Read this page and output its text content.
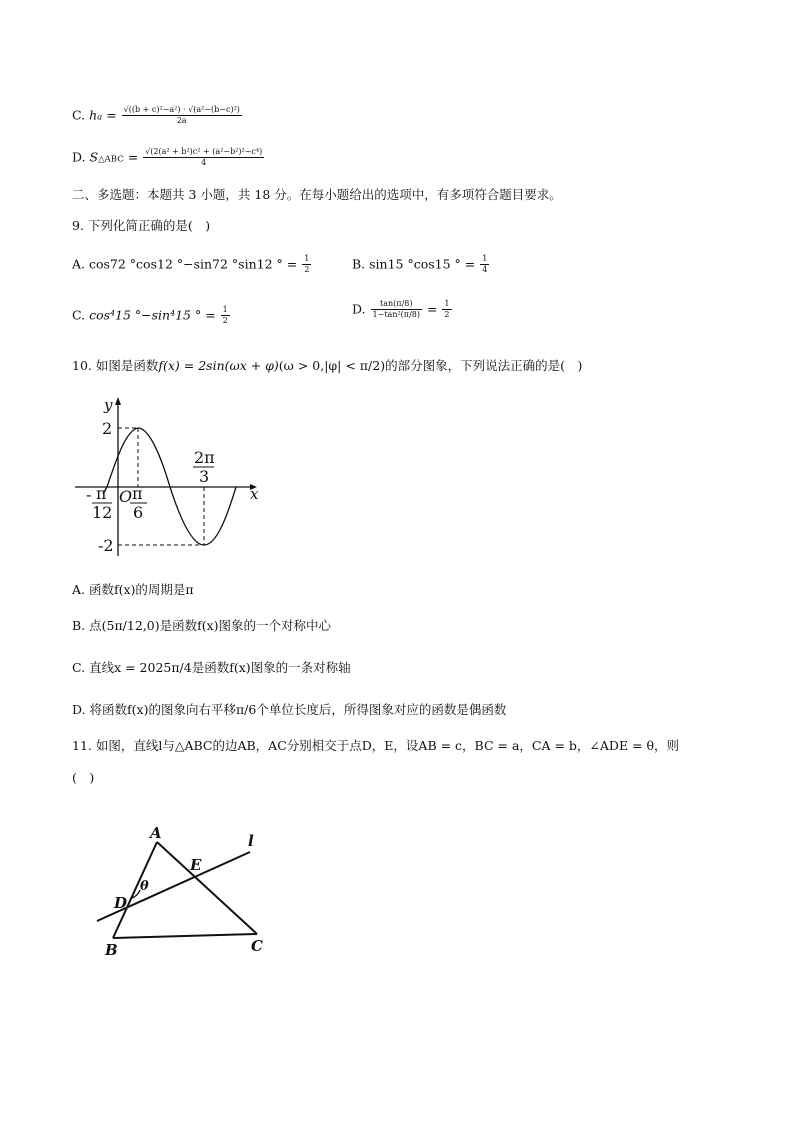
C. ha = $\frac{\text{√((b + c)²−a²) · √(a²−(b−c)²)}}{2a}$
D. S△ABC = $\frac{\text{√(2(a² + b²)c² + (a²−b²)²−c⁴)}}{4}$
二、多选题：本题共 3 小题，共 18 分。在每小题给出的选项中，有多项符合题目要求。
9. 下列化简正确的是(　)
A. cos72 °cos12 °−sin72 °sin12 ° = $\frac{1}{2}$	B. sin15 °cos15 ° = $\frac{1}{4}$
C. cos⁴15 °−sin⁴15 ° = $\frac{1}{2}$	D. $\frac{\tan(\pi/8)}{\text{1−tan²(π/8)}} = \frac{1}{2}$
10. 如图是函数f(x) = 2sin(ωx + φ)(ω > 0,|φ| < π/2)的部分图象，下列说法正确的是(　)
y
x
2
-2
O
- π
12
π
6
2π
3
A. 函数f(x)的周期是π
B. 点(5π/12,0)是函数f(x)图象的一个对称中心
C. 直线x = 2025π/4是函数f(x)图象的一条对称轴
D. 将函数f(x)的图象向右平移π/6个单位长度后，所得图象对应的函数是偶函数
11. 如图，直线l与△ABC的边AB，AC分别相交于点D，E，设AB = c，BC = a，CA = b，∠ADE = θ，则
(　)
A
B	C
D
E
l
θ
